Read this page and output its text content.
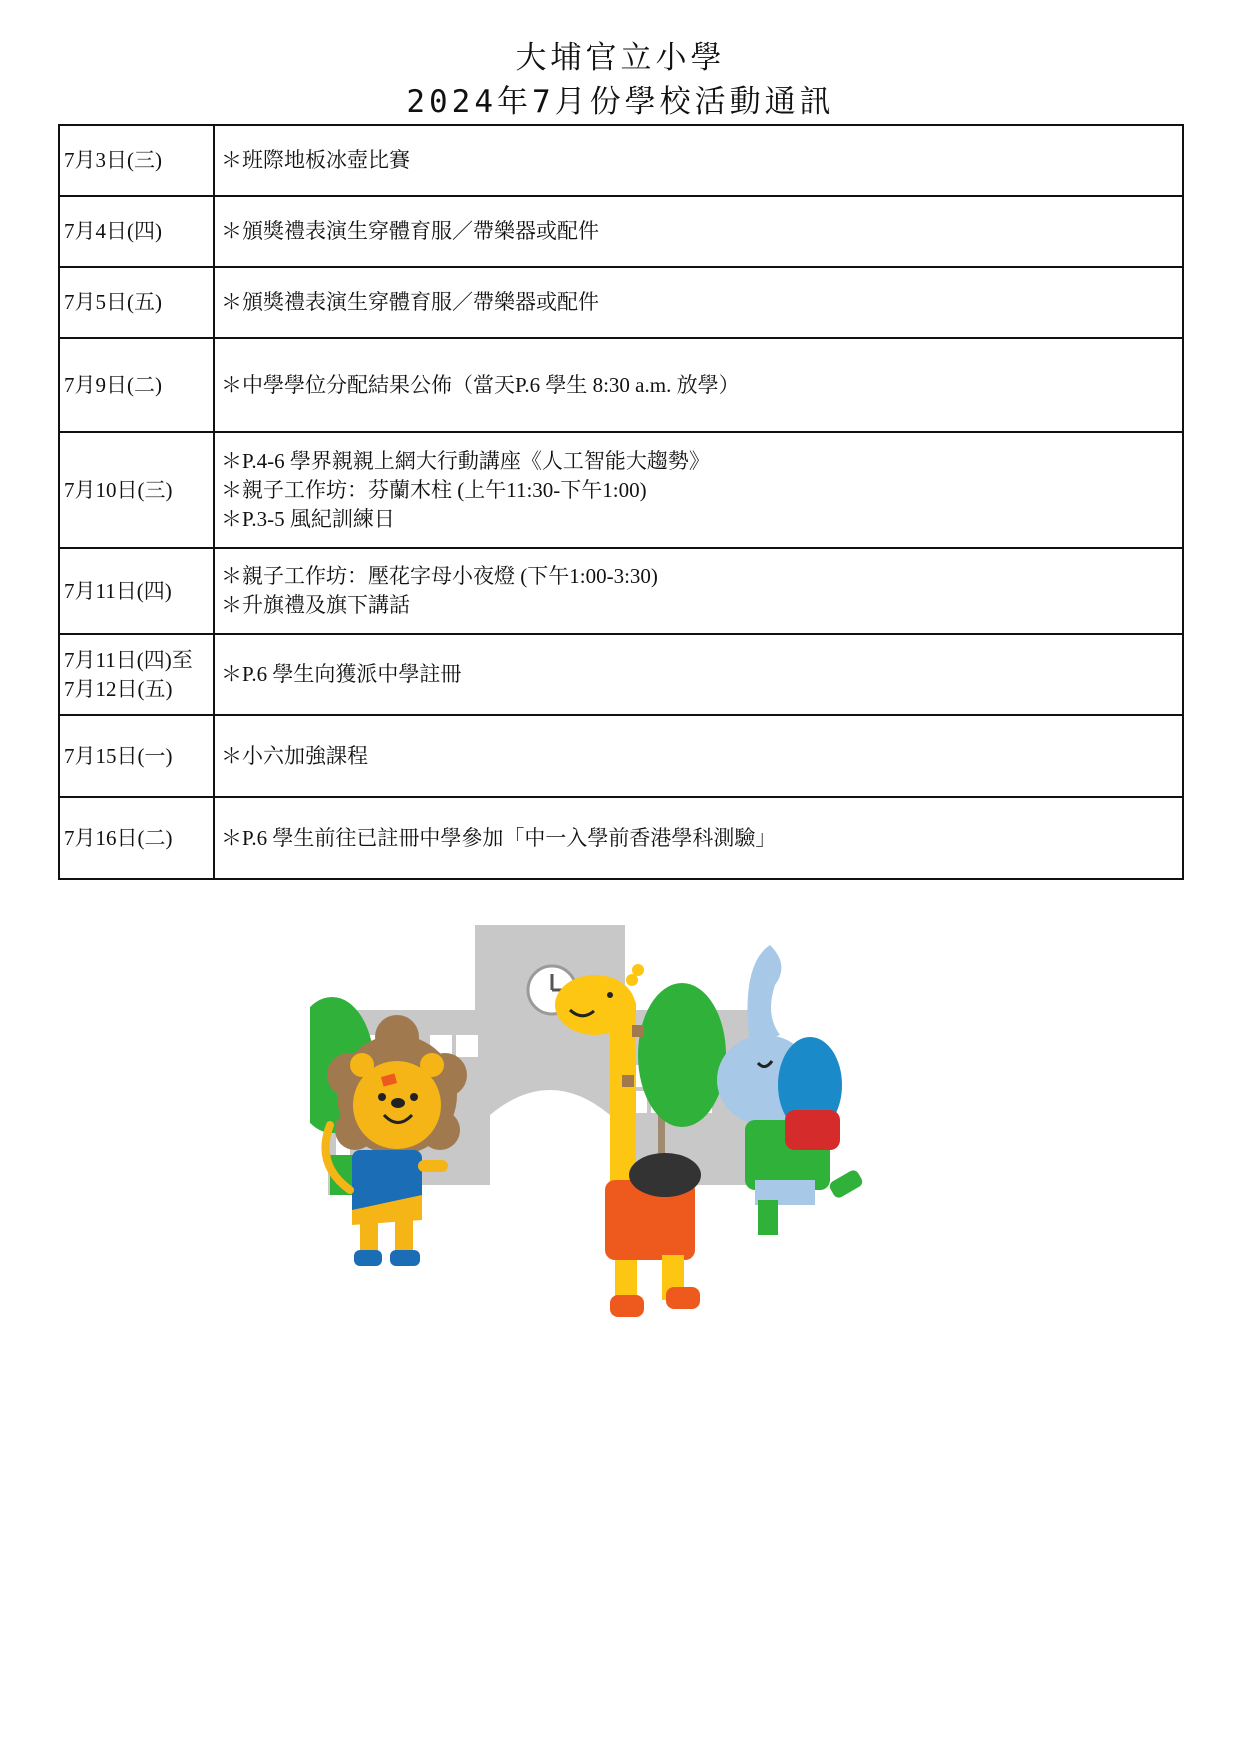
大埔官立小學
2024年7月份學校活動通訊
7月3日(三)	＊班際地板冰壺比賽

7月4日(四)	＊頒獎禮表演生穿體育服／帶樂器或配件

7月5日(五)	＊頒獎禮表演生穿體育服／帶樂器或配件

7月9日(二)	＊中學學位分配結果公佈（當天P.6 學生 8:30 a.m. 放學）

7月10日(三)	＊P.4-6 學界親親上網大行動講座《人工智能大趨勢》
＊親子工作坊：芬蘭木柱 (上午11:30-下午1:00)
＊P.3-5 風紀訓練日

7月11日(四)	＊親子工作坊：壓花字母小夜燈 (下午1:00-3:30)
＊升旗禮及旗下講話

7月11日(四)至
7月12日(五)	＊P.6 學生向獲派中學註冊

7月15日(一)	＊小六加強課程

7月16日(二)	＊P.6 學生前往已註冊中學參加「中一入學前香港學科測驗」
